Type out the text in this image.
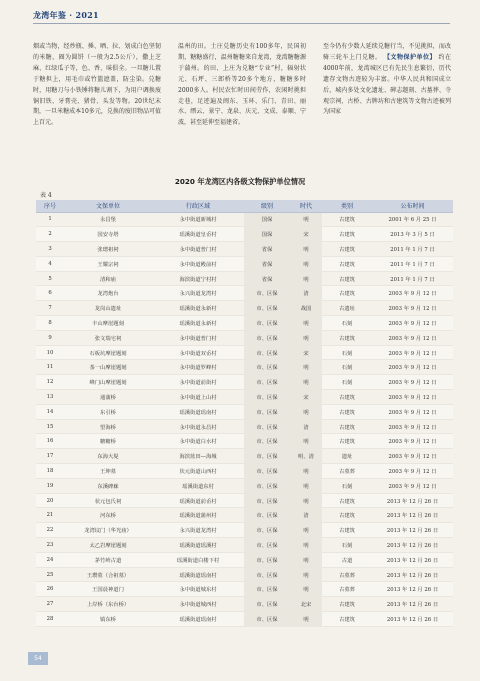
龙湾年鉴 · 2021
烟或当物，经炒瓶、捶、晒、拉、划成白色坚韧的米糖，圈为圆饼（一般为2.5公斤），撒上芝麻、红绿瓜子等，色、香、味俱全。一旦糖儿置于糖担上，用毛巾或竹篮遮盖，防尘染。兑糖时，用糖刀与小铁锤将糖儿割下，为用户调换废铜旧铁、牙膏壳、猪骨、头发等物。20世纪末期，一旦米糖成本10多元，兑换的废旧物品可值上百元。
温州的田。土庄兑糖历史有100多年，民国初期，糖糖盛行，温州糖糖来自龙湾，龙湾糖糖源于蒲州。的田、上庄为兑糖“专业”村，辐射状元、石坪、三郎桥等20多个地方，糖糖多时2000多人。村民农忙时田间劳作，农闲时挑担走巷，足迹遍及闽东、玉环、乐门、青田、丽水、缙云、景宁、龙泉、庆元、文成、泰顺、宁波，甚至延伸至福建省。
至今仍有少数人延续兑糖行当，不见挑担，而改骑三轮车上门兑糖。 【文物保护单位】 约在4000年前，龙湾城区已有先民生息繁衍，历代遗存文物古迹较为丰富。中华人民共和国成立后，城内多处文化遗址、碑志题刻、古墓葬、寺观宗祠、古桥、古牌坊和古建筑等文物古迹被列为国家
2020 年龙湾区内各级文物保护单位情况
表 4
序号	文保单位	行政区域	级别	时代	类别	公布时间
1	永昌堡	永中街道新城村	国保	明	古建筑	2001 年 6 月 25 日
2	国安寺塔	瑶溪街道皇岙村	国保	宋	古建筑	2013 年 3 月 5 日
3	张璁祖祠	永中街道普门村	省保	明	古建筑	2011 年 1 月 7 日
4	王耀宗祠	永中街道殿前村	省保	明	古建筑	2011 年 1 月 7 日
5	清和庙	海滨街道宁村村	省保	明	古建筑	2011 年 1 月 7 日
6	龙湾炮台	永兴街道龙湾村	市、区保	清	古建筑	2003 年 9 月 12 日
7	龙岗山遗址	瑶溪街道永新村	市、区保	战国	古遗址	2003 年 9 月 12 日
8	丰山摩崖题刻	瑶溪街道永新村	市、区保	明	石刻	2003 年 9 月 12 日
9	张文瑞宅祠	永中街道普门村	市、区保	明	古建筑	2003 年 9 月 12 日
10	石板坑摩崖题刻	永中街道双岙村	市、区保	宋	石刻	2003 年 9 月 12 日
11	茶一山摩崖题刻	永中街道罗峰村	市、区保	明	石刻	2003 年 9 月 12 日
12	峰门山摩崖题刻	永中街道前街村	市、区保	明	石刻	2003 年 9 月 12 日
13	通蒲桥	永中街道上山村	市、区保	宋	古建筑	2003 年 9 月 12 日
14	东引桥	瑶溪街道瑶南村	市、区保	明	古建筑	2003 年 9 月 12 日
15	望海桥	永中街道永昌村	市、区保	清	古建筑	2003 年 9 月 12 日
16	糖糖桥	永中街道白水村	市、区保	明	古建筑	2003 年 9 月 12 日
17	东海大堤	海滨蓝田—海城	市、区保	明、清	遗址	2003 年 9 月 12 日
18	王坤墓	状元街道山西村	市、区保	明	古墓葬	2003 年 9 月 12 日
19	东溪碑廊	瑶溪街道东村	市、区保	明	石刻	2003 年 9 月 12 日
20	状元包氏祠	瑶溪街道前岙村	市、区保	明	古建筑	2013 年 12 月 26 日
21	河东桥	瑶溪街道蒲州村	市、区保	清	古建筑	2013 年 12 月 26 日
22	龙湾坟门（华光庙）	永兴街道龙湾村	市、区保	明	古建筑	2013 年 12 月 26 日
23	太乙岩摩崖题刻	瑶溪街道瑶溪村	市、区保	明	石刻	2013 年 12 月 26 日
24	茅竹岭古道	瑶溪街道白楼下村	市、区保	明	古道	2013 年 12 月 26 日
25	王瓒墓（合祖墓）	瑶溪街道瑶南村	市、区保	明	古墓葬	2013 年 12 月 26 日
26	王国晨神道门	永中街道城东村	市、区保	明	古墓葬	2013 年 12 月 26 日
27	上岸桥（东台桥）	永中街道城西村	市、区保	北宋	古建筑	2013 年 12 月 26 日
28	镇东桥	瑶溪街道瑶南村	市、区保	明	古建筑	2013 年 12 月 26 日
54
